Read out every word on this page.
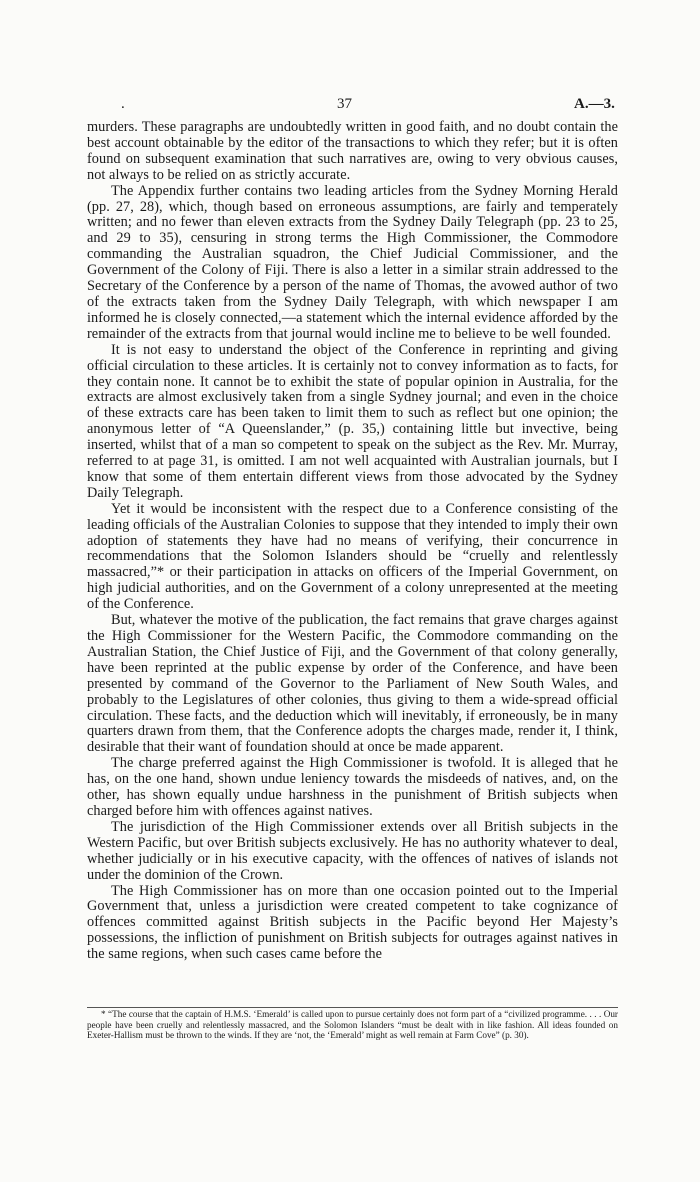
.	37	A.—3.

murders. These paragraphs are undoubtedly written in good faith, and no doubt contain the best account obtainable by the editor of the transactions to which they refer; but it is often found on subsequent examination that such narratives are, owing to very obvious causes, not always to be relied on as strictly accurate.

The Appendix further contains two leading articles from the Sydney Morning Herald (pp. 27, 28), which, though based on erroneous assumptions, are fairly and temperately written; and no fewer than eleven extracts from the Sydney Daily Telegraph (pp. 23 to 25, and 29 to 35), censuring in strong terms the High Commissioner, the Commodore commanding the Australian squadron, the Chief Judicial Commissioner, and the Government of the Colony of Fiji. There is also a letter in a similar strain addressed to the Secretary of the Conference by a person of the name of Thomas, the avowed author of two of the extracts taken from the Sydney Daily Telegraph, with which newspaper I am informed he is closely connected,—a statement which the internal evidence afforded by the remainder of the extracts from that journal would incline me to believe to be well founded.

It is not easy to understand the object of the Conference in reprinting and giving official circulation to these articles. It is certainly not to convey information as to facts, for they contain none. It cannot be to exhibit the state of popular opinion in Australia, for the extracts are almost exclusively taken from a single Sydney journal; and even in the choice of these extracts care has been taken to limit them to such as reflect but one opinion; the anonymous letter of “A Queenslander,” (p. 35,) containing little but invective, being inserted, whilst that of a man so competent to speak on the subject as the Rev. Mr. Murray, referred to at page 31, is omitted. I am not well acquainted with Australian journals, but I know that some of them entertain different views from those advocated by the Sydney Daily Telegraph.

Yet it would be inconsistent with the respect due to a Conference consisting of the leading officials of the Australian Colonies to suppose that they intended to imply their own adoption of statements they have had no means of verifying, their concurrence in recommendations that the Solomon Islanders should be “cruelly and relentlessly massacred,”* or their participation in attacks on officers of the Imperial Government, on high judicial authorities, and on the Government of a colony unrepresented at the meeting of the Conference.

But, whatever the motive of the publication, the fact remains that grave charges against the High Commissioner for the Western Pacific, the Commodore commanding on the Australian Station, the Chief Justice of Fiji, and the Government of that colony generally, have been reprinted at the public expense by order of the Conference, and have been presented by command of the Governor to the Parliament of New South Wales, and probably to the Legislatures of other colonies, thus giving to them a wide-spread official circulation. These facts, and the deduction which will inevitably, if erroneously, be in many quarters drawn from them, that the Conference adopts the charges made, render it, I think, desirable that their want of foundation should at once be made apparent.

The charge preferred against the High Commissioner is twofold. It is alleged that he has, on the one hand, shown undue leniency towards the misdeeds of natives, and, on the other, has shown equally undue harshness in the punishment of British subjects when charged before him with offences against natives.

The jurisdiction of the High Commissioner extends over all British subjects in the Western Pacific, but over British subjects exclusively. He has no authority whatever to deal, whether judicially or in his executive capacity, with the offences of natives of islands not under the dominion of the Crown.

The High Commissioner has on more than one occasion pointed out to the Imperial Government that, unless a jurisdiction were created competent to take cognizance of offences committed against British subjects in the Pacific beyond Her Majesty’s possessions, the infliction of punishment on British subjects for outrages against natives in the same regions, when such cases came before the

* “The course that the captain of H.M.S. ‘Emerald’ is called upon to pursue certainly does not form part of a “civilized programme. . . . Our people have been cruelly and relentlessly massacred, and the Solomon Islanders “must be dealt with in like fashion. All ideas founded on Exeter-Hallism must be thrown to the winds. If they are ‘not, the ‘Emerald’ might as well remain at Farm Cove” (p. 30).
